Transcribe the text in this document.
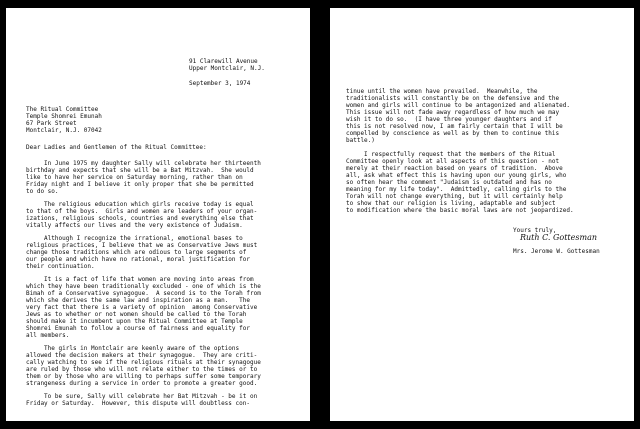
91 Clarewill Avenue
Upper Montclair, N.J.
September 3, 1974
The Ritual Committee
Temple Shomrei Emunah
67 Park Street
Montclair, N.J. 07042
Dear Ladies and Gentlemen of the Ritual Committee:
In June 1975 my daughter Sally will celebrate her thirteenth
birthday and expects that she will be a Bat Mitzvah.  She would
like to have her service on Saturday morning, rather than on
Friday night and I believe it only proper that she be permitted
to do so.
The religious education which girls receive today is equal
to that of the boys.  Girls and women are leaders of your organ-
izations, religious schools, countries and everything else that
vitally affects our lives and the very existence of Judaism.
Although I recognize the irrational, emotional bases to
religious practices, I believe that we as Conservative Jews must
change those traditions which are odious to large segments of
our people and which have no rational, moral justification for
their continuation.
It is a fact of life that women are moving into areas from
which they have been traditionally excluded - one of which is the
Bimah of a Conservative synagogue.  A second is to the Torah from
which she derives the same law and inspiration as a man.   The
very fact that there is a variety of opinion  among Conservative
Jews as to whether or not women should be called to the Torah
should make it incumbent upon the Ritual Committee at Temple
Shomrei Emunah to follow a course of fairness and equality for
all members.
The girls in Montclair are keenly aware of the options
allowed the decision makers at their synagogue.  They are criti-
cally watching to see if the religious rituals at their synagogue
are ruled by those who will not relate either to the times or to
them or by those who are willing to perhaps suffer some temporary
strangeness during a service in order to promote a greater good.
To be sure, Sally will celebrate her Bat Mitzvah - be it on
Friday or Saturday.  However, this dispute will doubtless con-
tinue until the women have prevailed.  Meanwhile, the
traditionalists will constantly be on the defensive and the
women and girls will continue to be antagonized and alienated.
This issue will not fade away regardless of how much we may
wish it to do so.  (I have three younger daughters and if
this is not resolved now, I am fairly certain that I will be
compelled by conscience as well as by them to continue this
battle.)
I respectfully request that the members of the Ritual
Committee openly look at all aspects of this question - not
merely at their reaction based on years of tradition.  Above
all, ask what effect this is having upon our young girls, who
so often hear the comment "Judaism is outdated and has no
meaning for my life today".  Admittedly, calling girls to the
Torah will not change everything, but it will certainly help
to show that our religion is living, adaptable and subject
to modification where the basic moral laws are not jeopardized.
Yours truly,
Ruth C. Gottesman
Mrs. Jerome W. Gottesman
